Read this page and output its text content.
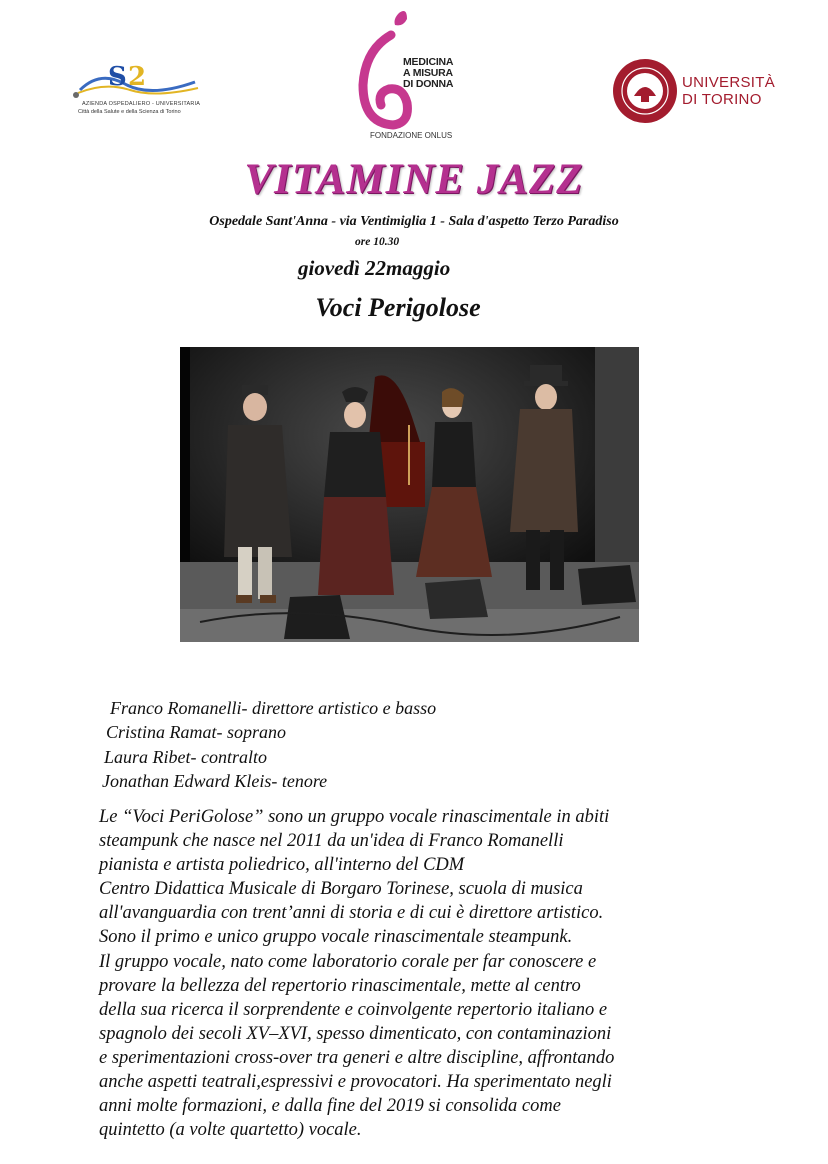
S 2
AZIENDA OSPEDALIERO - UNIVERSITARIA
Città della Salute e della Scienza di Torino
MEDICINA
A MISURA
DI DONNA
FONDAZIONE ONLUS
UNIVERSITÀ
DI TORINO
VITAMINE JAZZ
Ospedale Sant'Anna - via Ventimiglia 1 - Sala d'aspetto Terzo Paradiso
ore 10.30
giovedì 22maggio
Voci Perigolose
Franco Romanelli- direttore artistico e basso
Cristina Ramat- soprano
Laura Ribet- contralto
Jonathan Edward Kleis- tenore
Le “Voci PeriGolose” sono un gruppo vocale rinascimentale in abiti
steampunk che nasce nel 2011 da un'idea di Franco Romanelli
pianista e artista poliedrico, all'interno del CDM
Centro Didattica Musicale di Borgaro Torinese, scuola di musica
all'avanguardia con trent’anni di storia e di cui è direttore artistico.
Sono il primo e unico gruppo vocale rinascimentale steampunk.
Il gruppo vocale, nato come laboratorio corale per far conoscere e
provare la bellezza del repertorio rinascimentale, mette al centro
della sua ricerca il sorprendente e coinvolgente repertorio italiano e
spagnolo dei secoli XV–XVI, spesso dimenticato, con contaminazioni
e sperimentazioni cross-over tra generi e altre discipline, affrontando
anche aspetti teatrali,espressivi e provocatori. Ha sperimentato negli
anni molte formazioni, e dalla fine del 2019 si consolida come
quintetto (a volte quartetto) vocale.
